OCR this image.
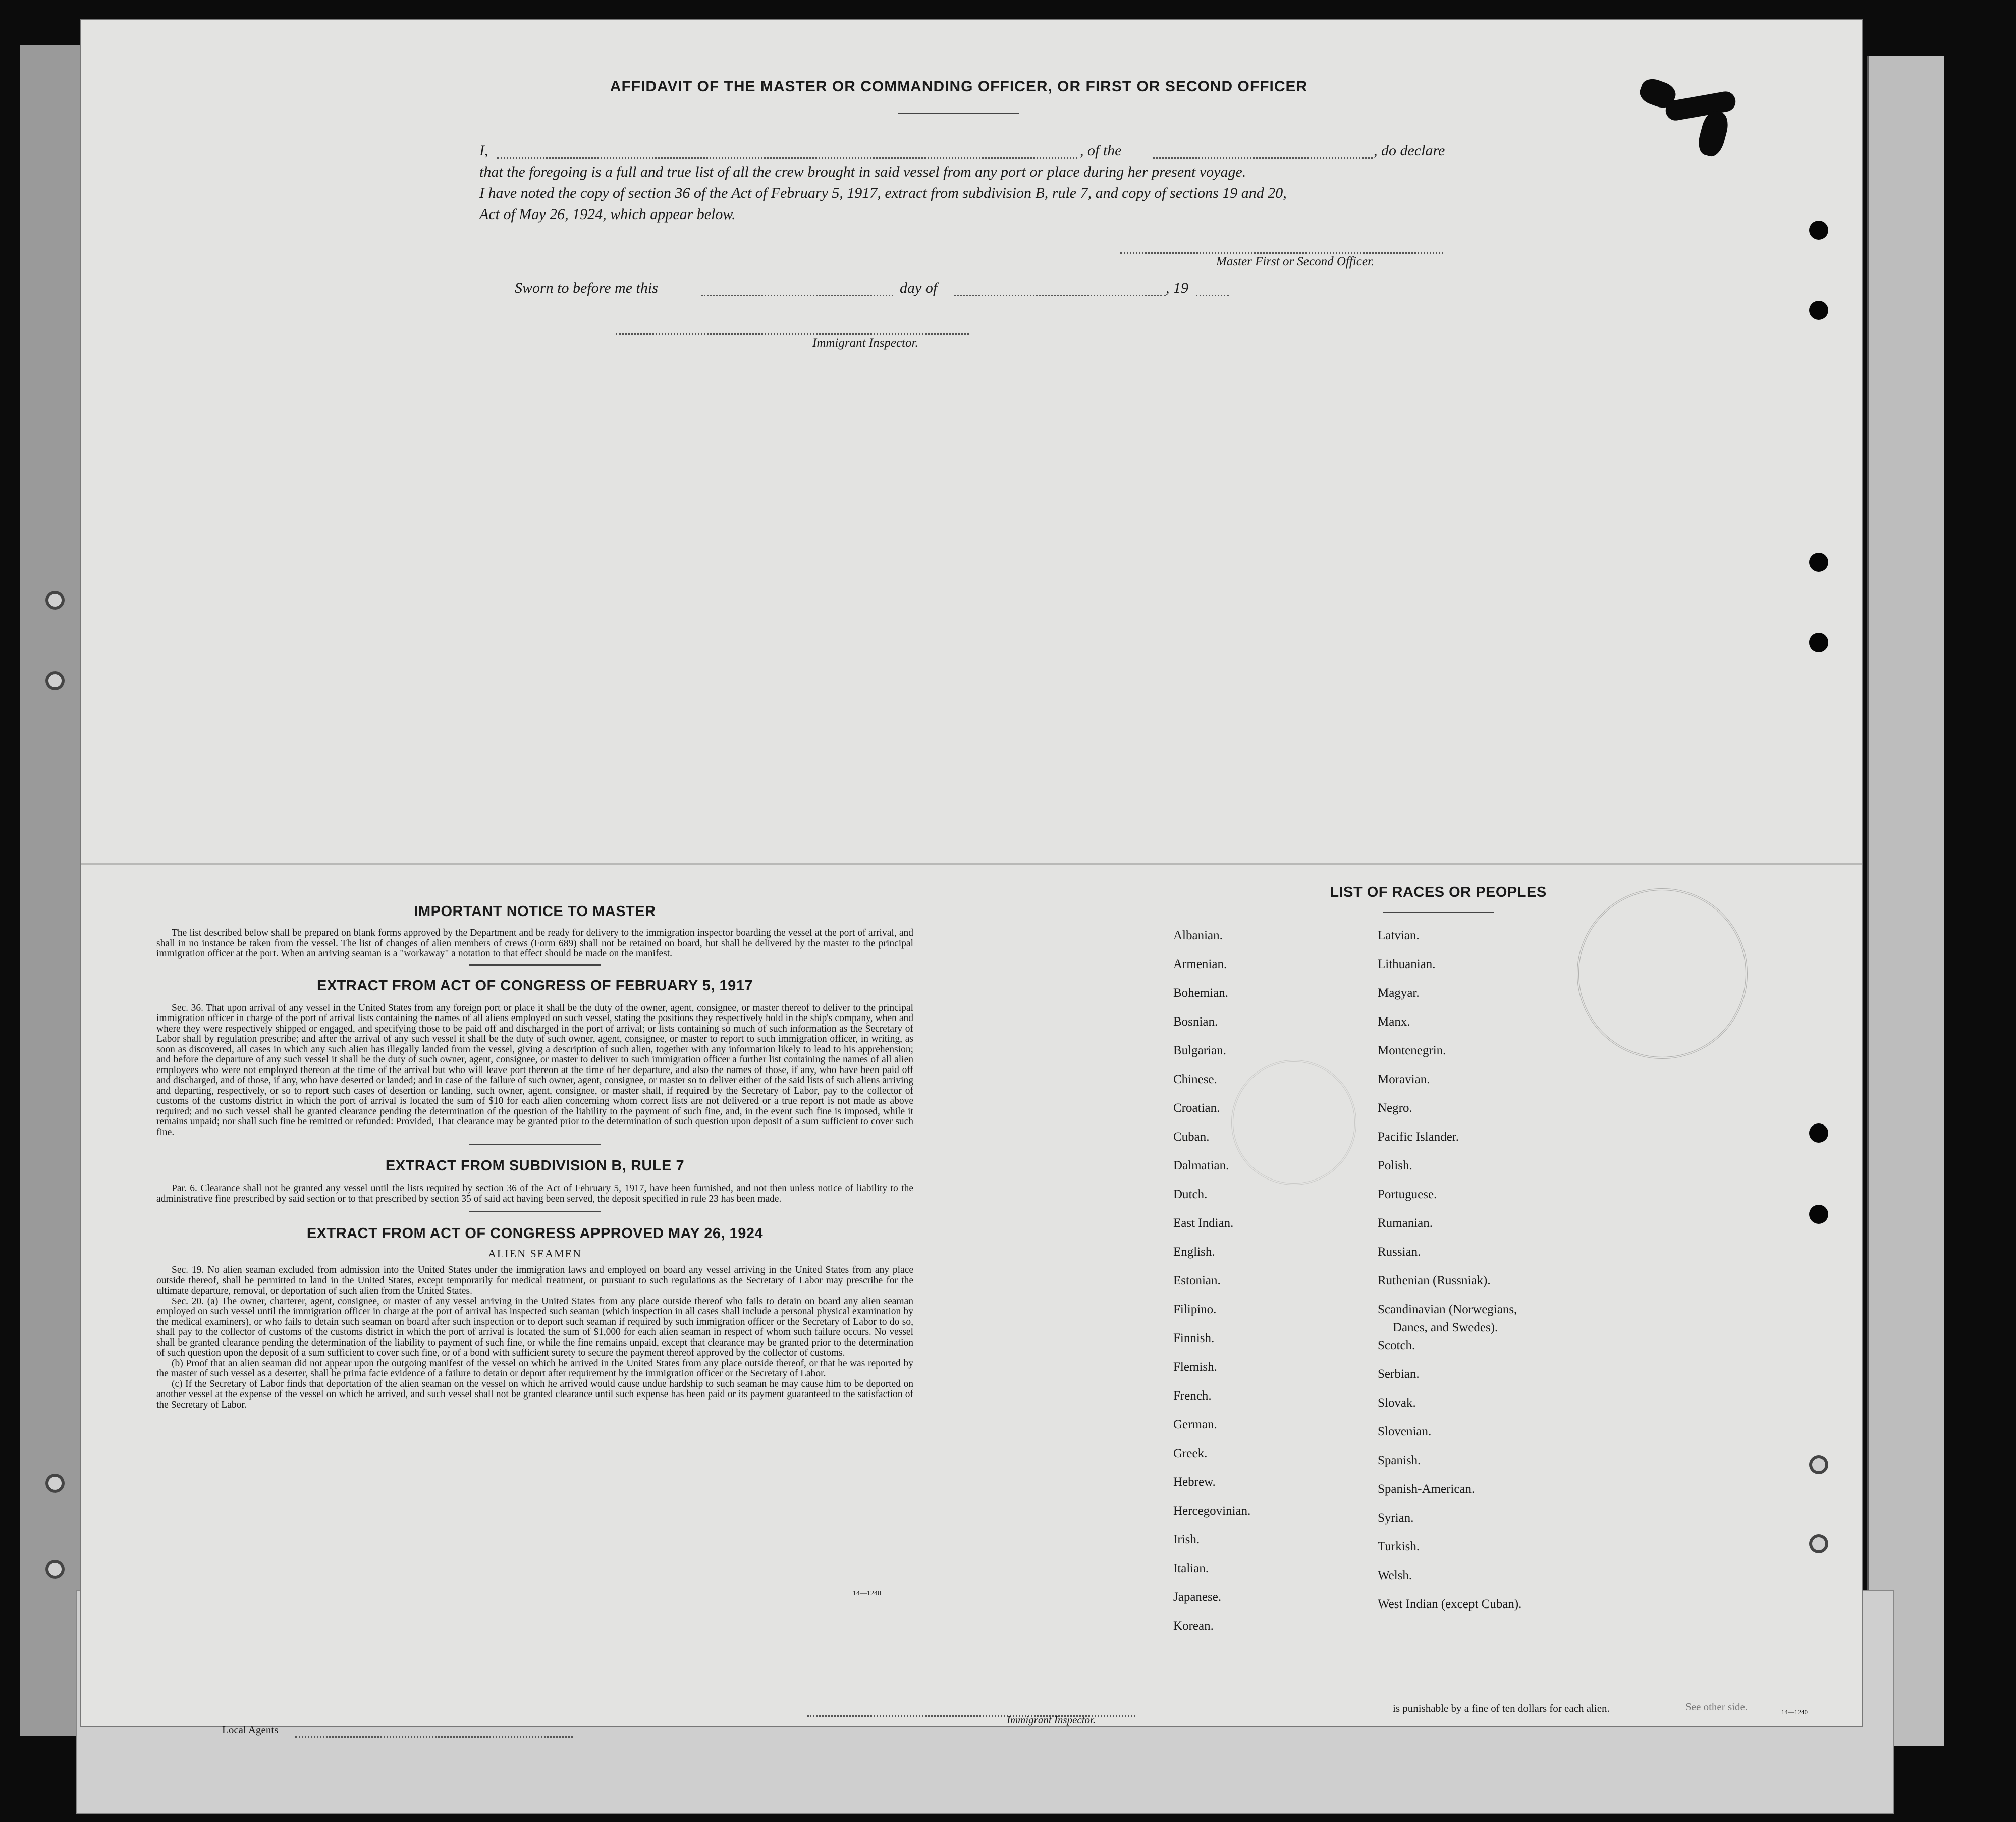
AFFIDAVIT OF THE MASTER OR COMMANDING OFFICER, OR FIRST OR SECOND OFFICER
I,	, of the	, do declare
that the foregoing is a full and true list of all the crew brought in said vessel from any port or place during her present voyage.
I have noted the copy of section 36 of the Act of February 5, 1917, extract from subdivision B, rule 7, and copy of sections 19 and 20,
Act of May 26, 1924, which appear below.
Master First or Second Officer.
Sworn to before me this	day of	, 19
Immigrant Inspector.

IMPORTANT NOTICE TO MASTER

The list described below shall be prepared on blank forms approved by the Department and be ready for delivery to the immigration inspector boarding the vessel at the port of arrival, and shall in no instance be taken from the vessel. The list of changes of alien members of crews (Form 689) shall not be retained on board, but shall be delivered by the master to the principal immigration officer at the port. When an arriving seaman is a "workaway" a notation to that effect should be made on the manifest.

EXTRACT FROM ACT OF CONGRESS OF FEBRUARY 5, 1917

Sec. 36. That upon arrival of any vessel in the United States from any foreign port or place it shall be the duty of the owner, agent, consignee, or master thereof to deliver to the principal immigration officer in charge of the port of arrival lists containing the names of all aliens employed on such vessel, stating the positions they respectively hold in the ship's company, when and where they were respectively shipped or engaged, and specifying those to be paid off and discharged in the port of arrival; or lists containing so much of such information as the Secretary of Labor shall by regulation prescribe; and after the arrival of any such vessel it shall be the duty of such owner, agent, consignee, or master to report to such immigration officer, in writing, as soon as discovered, all cases in which any such alien has illegally landed from the vessel, giving a description of such alien, together with any information likely to lead to his apprehension; and before the departure of any such vessel it shall be the duty of such owner, agent, consignee, or master to deliver to such immigration officer a further list containing the names of all alien employees who were not employed thereon at the time of the arrival but who will leave port thereon at the time of her departure, and also the names of those, if any, who have been paid off and discharged, and of those, if any, who have deserted or landed; and in case of the failure of such owner, agent, consignee, or master so to deliver either of the said lists of such aliens arriving and departing, respectively, or so to report such cases of desertion or landing, such owner, agent, consignee, or master shall, if required by the Secretary of Labor, pay to the collector of customs of the customs district in which the port of arrival is located the sum of $10 for each alien concerning whom correct lists are not delivered or a true report is not made as above required; and no such vessel shall be granted clearance pending the determination of the question of the liability to the payment of such fine, and, in the event such fine is imposed, while it remains unpaid; nor shall such fine be remitted or refunded: Provided, That clearance may be granted prior to the determination of such question upon deposit of a sum sufficient to cover such fine.

EXTRACT FROM SUBDIVISION B, RULE 7

Par. 6. Clearance shall not be granted any vessel until the lists required by section 36 of the Act of February 5, 1917, have been furnished, and not then unless notice of liability to the administrative fine prescribed by said section or to that prescribed by section 35 of said act having been served, the deposit specified in rule 23 has been made.

EXTRACT FROM ACT OF CONGRESS APPROVED MAY 26, 1924

ALIEN SEAMEN

Sec. 19. No alien seaman excluded from admission into the United States under the immigration laws and employed on board any vessel arriving in the United States from any place outside thereof, shall be permitted to land in the United States, except temporarily for medical treatment, or pursuant to such regulations as the Secretary of Labor may prescribe for the ultimate departure, removal, or deportation of such alien from the United States.

Sec. 20. (a) The owner, charterer, agent, consignee, or master of any vessel arriving in the United States from any place outside thereof who fails to detain on board any alien seaman employed on such vessel until the immigration officer in charge at the port of arrival has inspected such seaman (which inspection in all cases shall include a personal physical examination by the medical examiners), or who fails to detain such seaman on board after such inspection or to deport such seaman if required by such immigration officer or the Secretary of Labor to do so, shall pay to the collector of customs of the customs district in which the port of arrival is located the sum of $1,000 for each alien seaman in respect of whom such failure occurs. No vessel shall be granted clearance pending the determination of the liability to payment of such fine, or while the fine remains unpaid, except that clearance may be granted prior to the determination of such question upon the deposit of a sum sufficient to cover such fine, or of a bond with sufficient surety to secure the payment thereof approved by the collector of customs.

(b) Proof that an alien seaman did not appear upon the outgoing manifest of the vessel on which he arrived in the United States from any place outside thereof, or that he was reported by the master of such vessel as a deserter, shall be prima facie evidence of a failure to detain or deport after requirement by the immigration officer or the Secretary of Labor.

(c) If the Secretary of Labor finds that deportation of the alien seaman on the vessel on which he arrived would cause undue hardship to such seaman he may cause him to be deported on another vessel at the expense of the vessel on which he arrived, and such vessel shall not be granted clearance until such expense has been paid or its payment guaranteed to the satisfaction of the Secretary of Labor.

14—1240
LIST OF RACES OR PEOPLES
Albanian.
Armenian.
Bohemian.
Bosnian.
Bulgarian.
Chinese.
Croatian.
Cuban.
Dalmatian.
Dutch.
East Indian.
English.
Estonian.
Filipino.
Finnish.
Flemish.
French.
German.
Greek.
Hebrew.
Hercegovinian.
Irish.
Italian.
Japanese.
Korean.
Latvian.
Lithuanian.
Magyar.
Manx.
Montenegrin.
Moravian.
Negro.
Pacific Islander.
Polish.
Portuguese.
Rumanian.
Russian.
Ruthenian (Russniak).
Scandinavian (Norwegians,
Danes, and Swedes).
Scotch.
Serbian.
Slovak.
Slovenian.
Spanish.
Spanish-American.
Syrian.
Turkish.
Welsh.
West Indian (except Cuban).
Local Agents
Immigrant Inspector.
is punishable by a fine of ten dollars for each alien.	See other side.	14—1240
